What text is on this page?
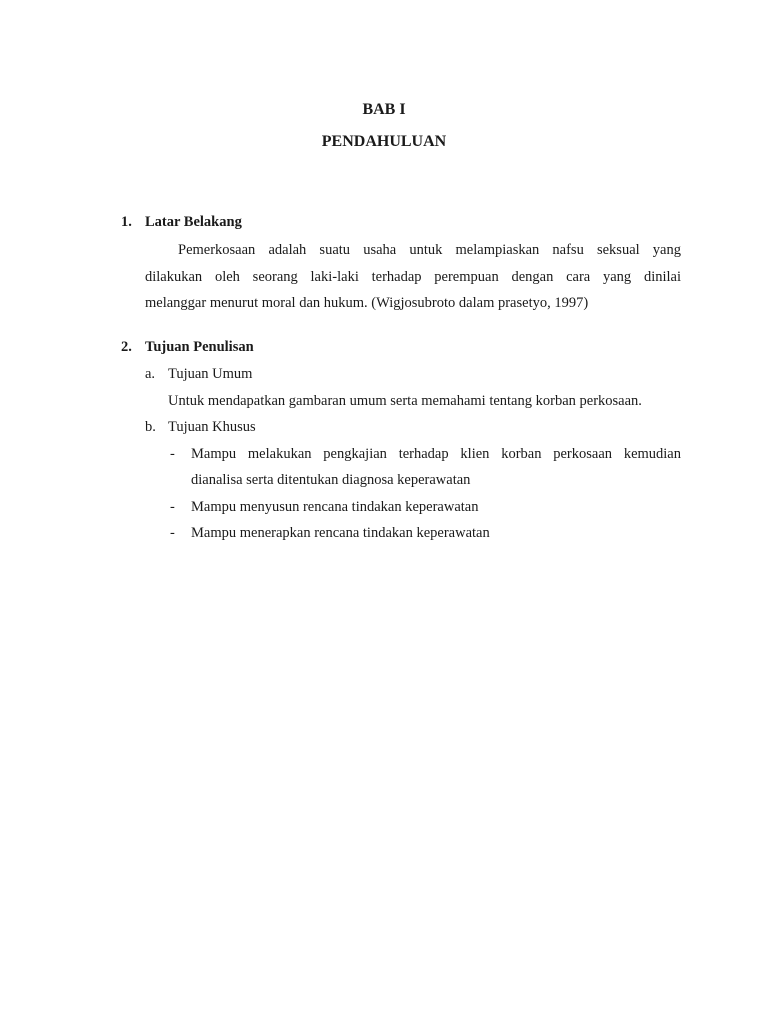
BAB I
PENDAHULUAN
1. Latar Belakang
Pemerkosaan adalah suatu usaha untuk melampiaskan nafsu seksual yang
dilakukan oleh seorang laki-laki terhadap perempuan dengan cara yang dinilai
melanggar menurut moral dan hukum. (Wigjosubroto dalam prasetyo, 1997)
2. Tujuan Penulisan
a. Tujuan Umum
Untuk mendapatkan gambaran umum serta memahami tentang korban perkosaan.
b. Tujuan Khusus
- Mampu melakukan pengkajian terhadap klien korban perkosaan kemudian
dianalisa serta ditentukan diagnosa keperawatan
- Mampu menyusun rencana tindakan keperawatan
- Mampu menerapkan rencana tindakan keperawatan
